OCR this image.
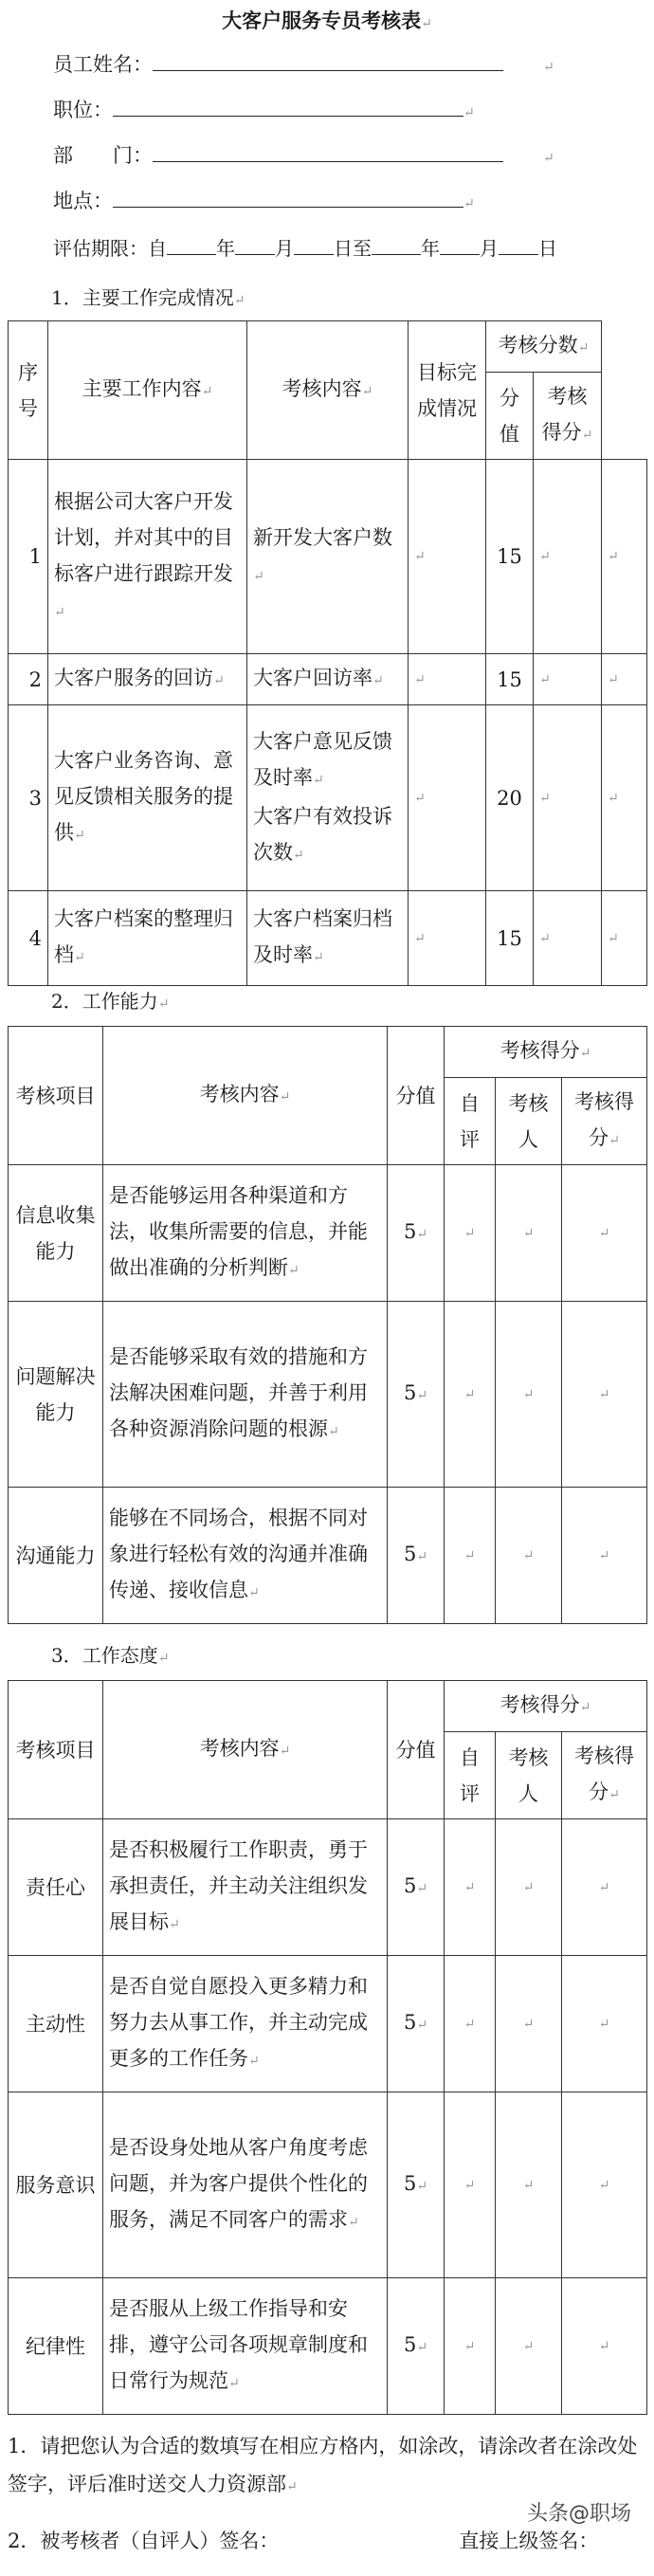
大客户服务专员考核表↵
员工姓名：　　	↵
职位：	↵
部　　门：　　	↵
地点：	↵
评估期限：自	年 月 日至	年 月 日
1．主要工作完成情况↵
序号	主要工作内容↵	考核内容↵	目标完成情况	考核分数↵		
				分值	考核得分↵	
1	根据公司大客户开发计划，并对其中的目标客户进行跟踪开发↵	新开发大客户数↵	↵	15	↵	↵
2	大客户服务的回访↵	大客户回访率↵	↵	15	↵	↵
3	大客户业务咨询、意见反馈相关服务的提供↵	大客户意见反馈及时率↵
大客户有效投诉次数↵	↵	20	↵	↵
4	大客户档案的整理归档↵	大客户档案归档及时率↵	↵	15	↵	↵
2．工作能力↵
考核项目	考核内容↵	分值	考核得分↵		
			自评	考核人	考核得分↵
信息收集能力	是否能够运用各种渠道和方法，收集所需要的信息，并能做出准确的分析判断↵	5↵	↵	↵	↵
问题解决能力	是否能够采取有效的措施和方法解决困难问题，并善于利用各种资源消除问题的根源↵	5↵	↵	↵	↵
沟通能力	能够在不同场合，根据不同对象进行轻松有效的沟通并准确传递、接收信息↵	5↵	↵	↵	↵
3．工作态度↵
考核项目	考核内容↵	分值	考核得分↵		
			自评	考核人	考核得分↵
责任心	是否积极履行工作职责，勇于承担责任，并主动关注组织发展目标↵	5↵	↵	↵	↵
主动性	是否自觉自愿投入更多精力和努力去从事工作，并主动完成更多的工作任务↵	5↵	↵	↵	↵
服务意识	是否设身处地从客户角度考虑问题，并为客户提供个性化的服务，满足不同客户的需求↵	5↵	↵	↵	↵
纪律性	是否服从上级工作指导和安排，遵守公司各项规章制度和日常行为规范↵	5↵	↵	↵	↵
1．请把您认为合适的数填写在相应方格内，如涂改，请涂改者在涂改处签字，评后准时送交人力资源部↵
2．被考核者（自评人）签名：	直接上级签名：
头条@职场
